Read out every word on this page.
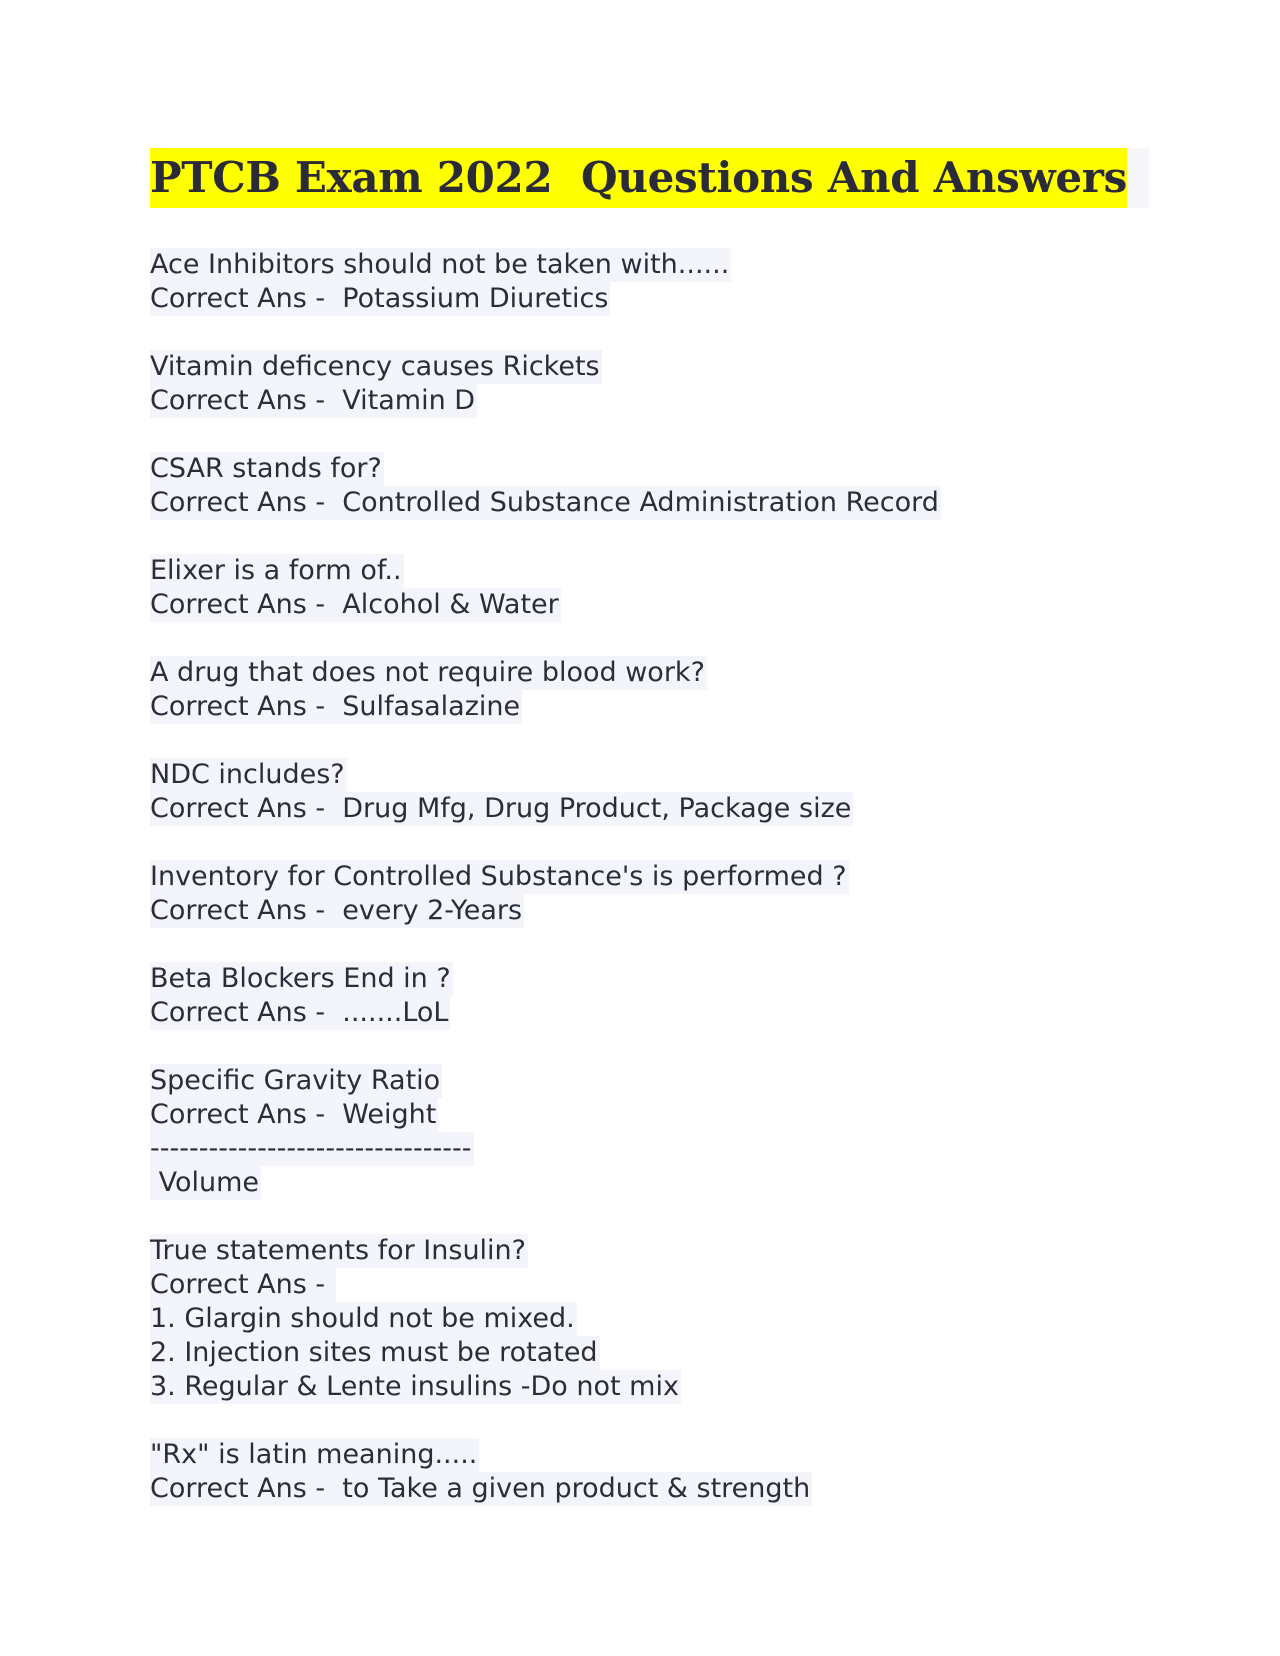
PTCB Exam 2022  Questions And Answers
Ace Inhibitors should not be taken with......
Correct Ans -  Potassium Diuretics
Vitamin deficency causes Rickets
Correct Ans -  Vitamin D
CSAR stands for?
Correct Ans -  Controlled Substance Administration Record
Elixer is a form of..
Correct Ans -  Alcohol & Water
A drug that does not require blood work?
Correct Ans -  Sulfasalazine
NDC includes?
Correct Ans -  Drug Mfg, Drug Product, Package size
Inventory for Controlled Substance's is performed ?
Correct Ans -  every 2-Years
Beta Blockers End in ?
Correct Ans -  .......LoL
Specific Gravity Ratio
Correct Ans -  Weight
---------------------------------
Volume
True statements for Insulin?
Correct Ans -
1. Glargin should not be mixed.
2. Injection sites must be rotated
3. Regular & Lente insulins -Do not mix
"Rx" is latin meaning.....
Correct Ans -  to Take a given product & strength
